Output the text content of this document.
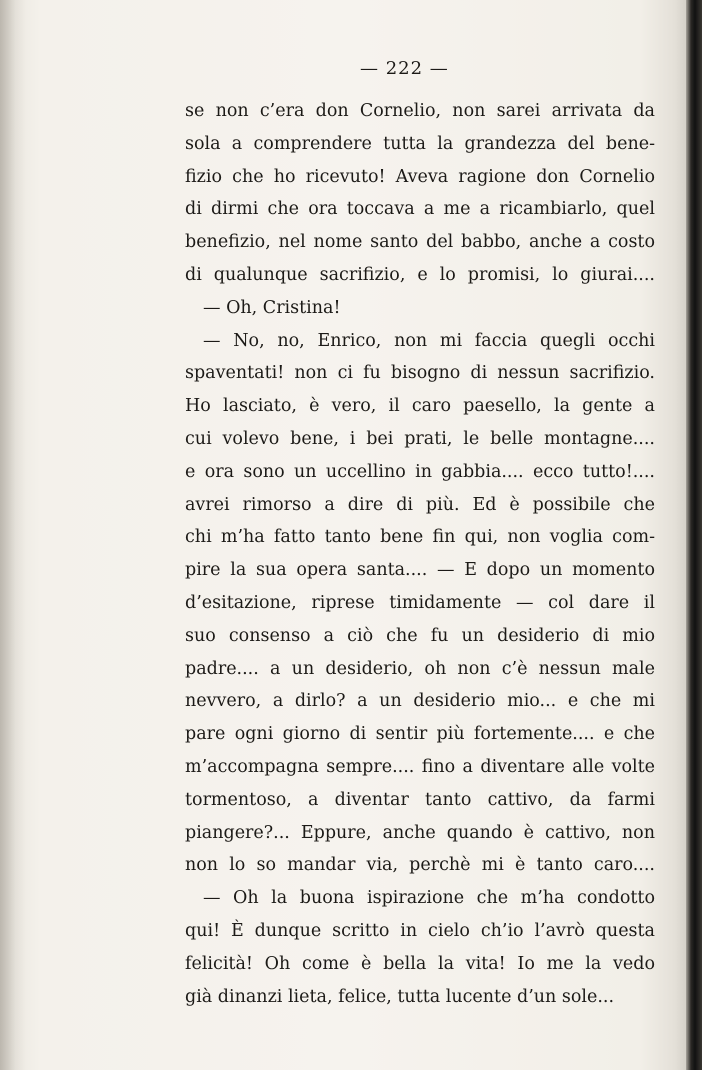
— 222 —
se non c’era don Cornelio, non sarei arrivata da
sola a comprendere tutta la grandezza del bene-
fizio che ho ricevuto! Aveva ragione don Cornelio
di dirmi che ora toccava a me a ricambiarlo, quel
benefizio, nel nome santo del babbo, anche a costo
di qualunque sacrifizio, e lo promisi, lo giurai....
— Oh, Cristina!
— No, no, Enrico, non mi faccia quegli occhi
spaventati! non ci fu bisogno di nessun sacrifizio.
Ho lasciato, è vero, il caro paesello, la gente a
cui volevo bene, i bei prati, le belle montagne....
e ora sono un uccellino in gabbia.... ecco tutto!....
avrei rimorso a dire di più. Ed è possibile che
chi m’ha fatto tanto bene fin qui, non voglia com-
pire la sua opera santa.... — E dopo un momento
d’esitazione, riprese timidamente — col dare il
suo consenso a ciò che fu un desiderio di mio
padre.... a un desiderio, oh non c’è nessun male
nevvero, a dirlo? a un desiderio mio... e che mi
pare ogni giorno di sentir più fortemente.... e che
m’accompagna sempre.... fino a diventare alle volte
tormentoso, a diventar tanto cattivo, da farmi
piangere?... Eppure, anche quando è cattivo, non
non lo so mandar via, perchè mi è tanto caro....
— Oh la buona ispirazione che m’ha condotto
qui! È dunque scritto in cielo ch’io l’avrò questa
felicità! Oh come è bella la vita! Io me la vedo
già dinanzi lieta, felice, tutta lucente d’un sole...
